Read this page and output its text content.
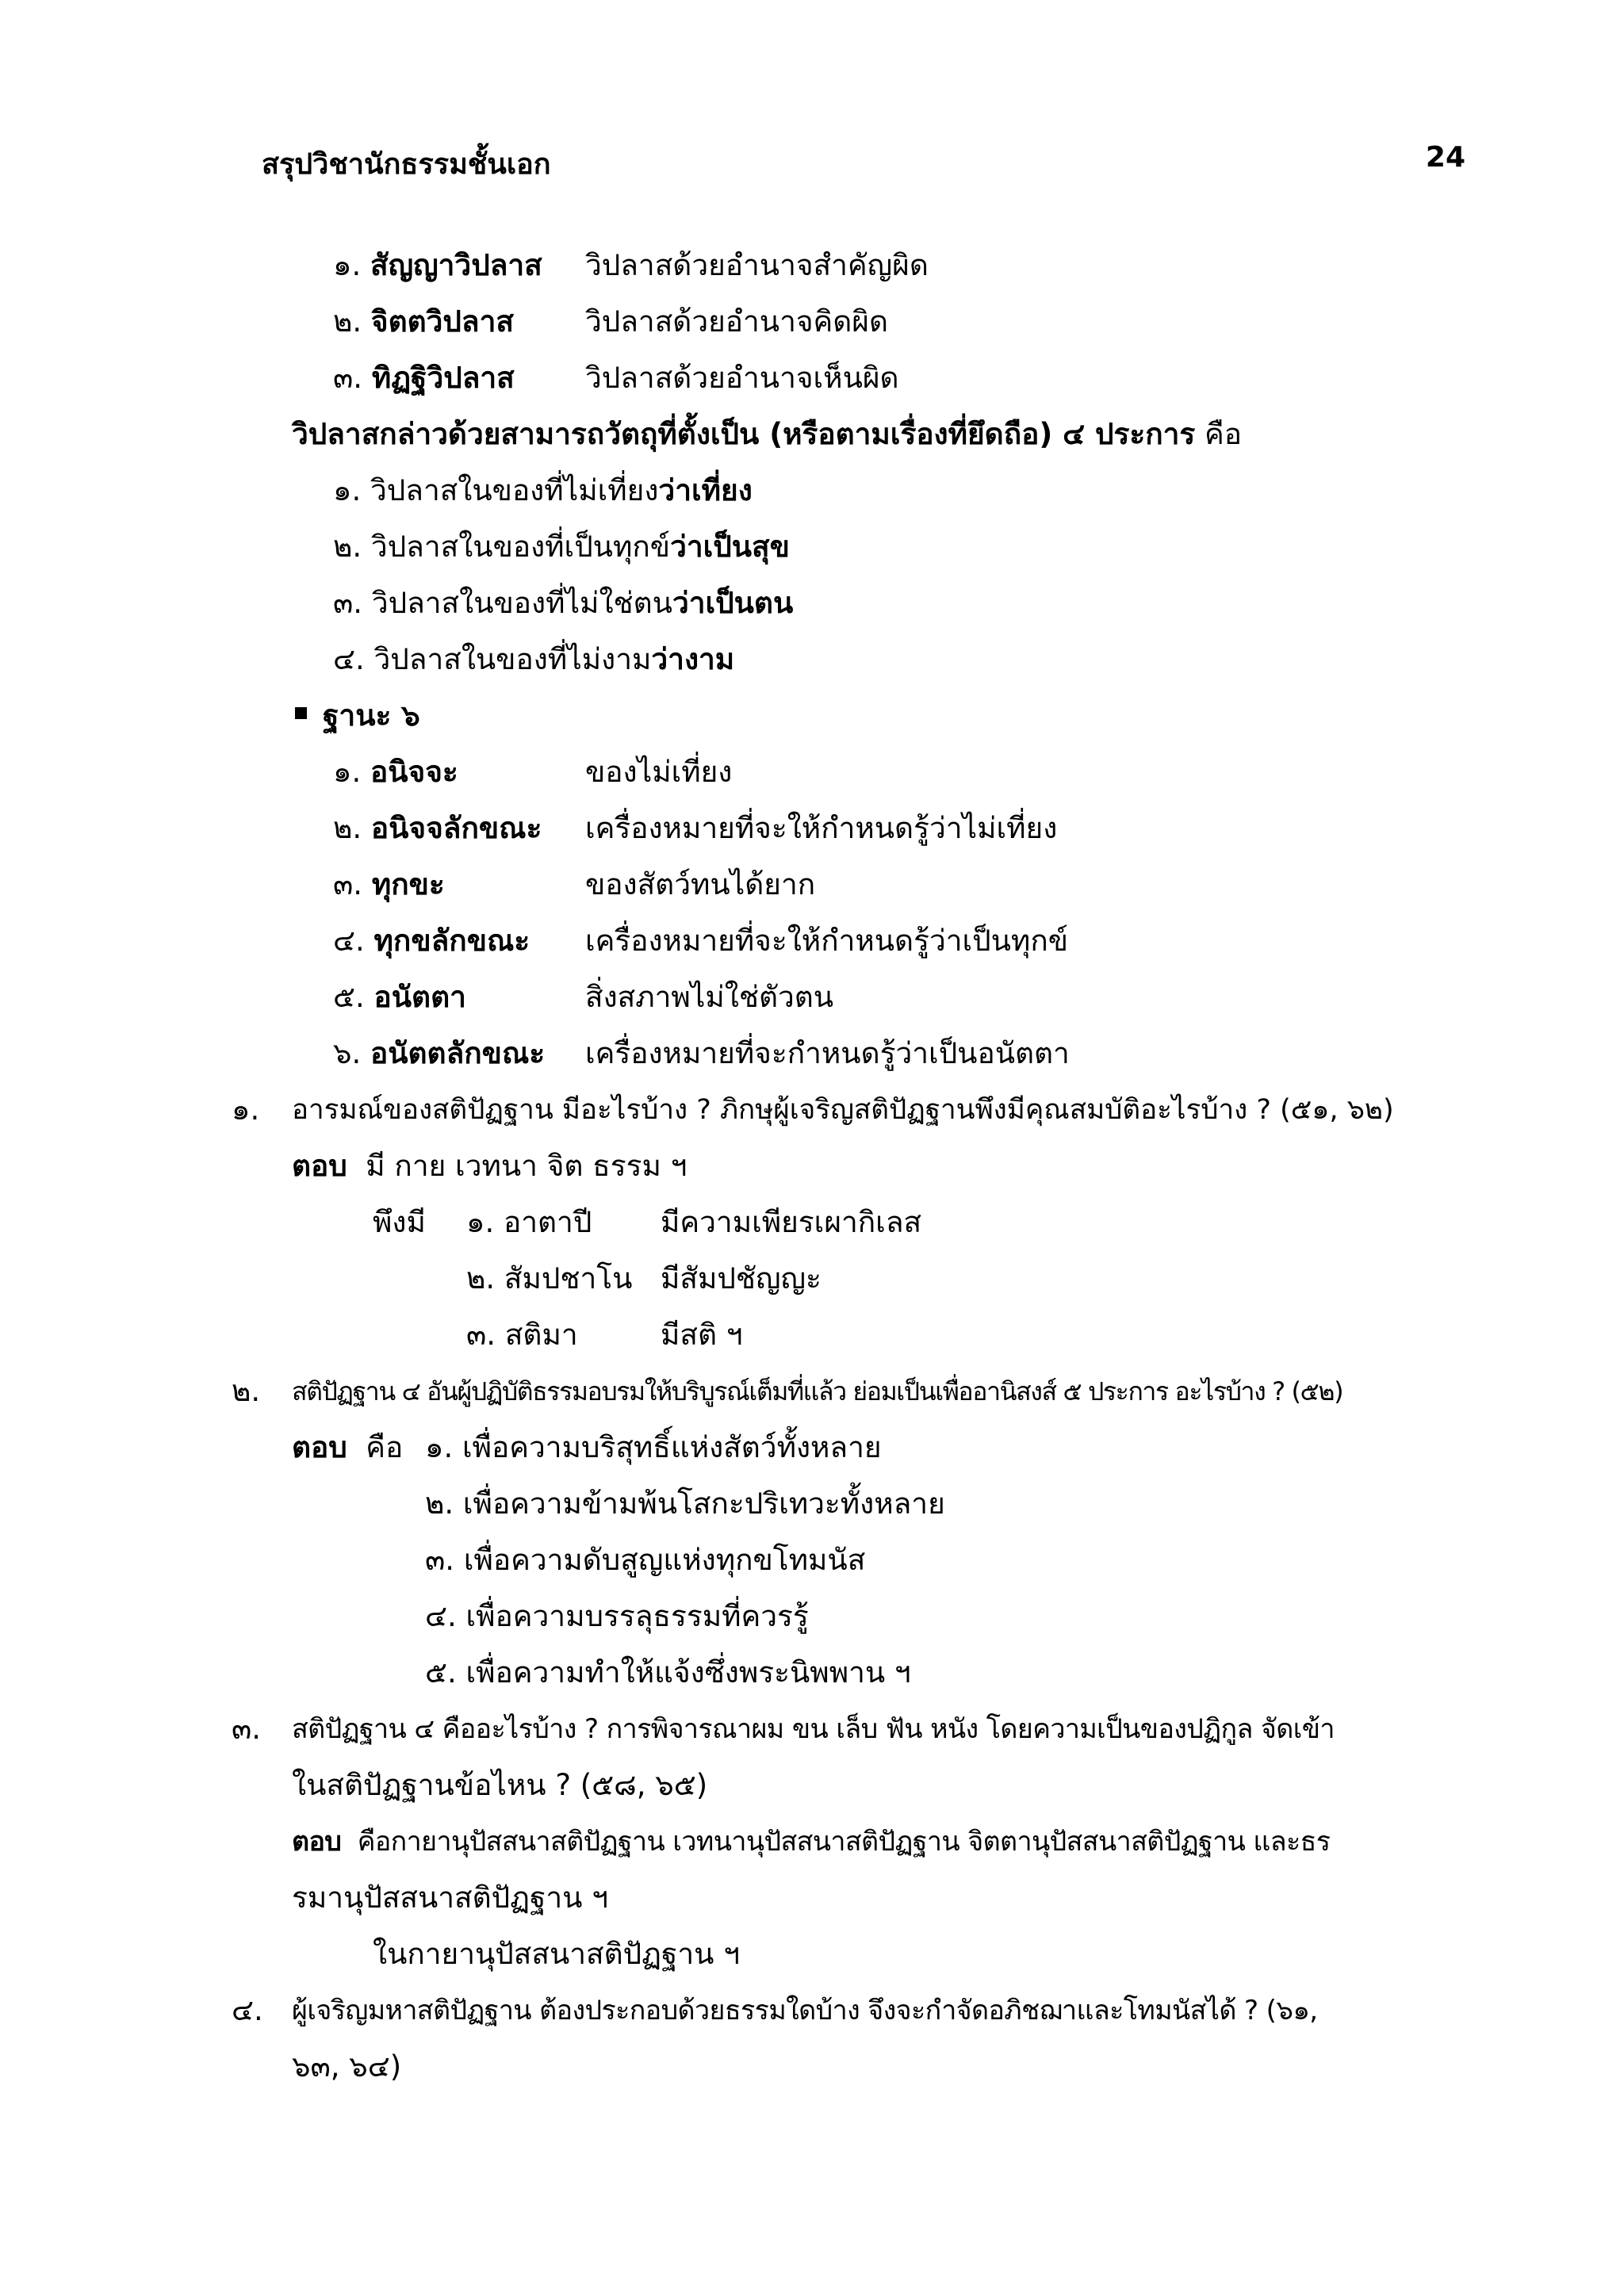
สรุปวิชานักธรรมชั้นเอก	24
๑. สัญญาวิปลาส วิปลาสด้วยอำนาจสำคัญผิด
๒. จิตตวิปลาส วิปลาสด้วยอำนาจคิดผิด
๓. ทิฏฐิวิปลาส วิปลาสด้วยอำนาจเห็นผิด
วิปลาสกล่าวด้วยสามารถวัตถุที่ตั้งเป็น (หรือตามเรื่องที่ยึดถือ) ๔ ประการ คือ
๑. วิปลาสในของที่ไม่เที่ยงว่าเที่ยง
๒. วิปลาสในของที่เป็นทุกข์ว่าเป็นสุข
๓. วิปลาสในของที่ไม่ใช่ตนว่าเป็นตน
๔. วิปลาสในของที่ไม่งามว่างาม
ฐานะ ๖
๑. อนิจจะ	ของไม่เที่ยง
๒. อนิจจลักขณะ เครื่องหมายที่จะให้กำหนดรู้ว่าไม่เที่ยง
๓. ทุกขะ	ของสัตว์ทนได้ยาก
๔. ทุกขลักขณะ เครื่องหมายที่จะให้กำหนดรู้ว่าเป็นทุกข์
๕. อนัตตา	สิ่งสภาพไม่ใช่ตัวตน
๖. อนัตตลักขณะ เครื่องหมายที่จะกำหนดรู้ว่าเป็นอนัตตา
๑. อารมณ์ของสติปัฏฐาน มีอะไรบ้าง ? ภิกษุผู้เจริญสติปัฏฐานพึงมีคุณสมบัติอะไรบ้าง ? (๕๑, ๖๒)
ตอบ มี กาย เวทนา จิต ธรรม ฯ
พึงมี ๑. อาตาปี มีความเพียรเผากิเลส
๒. สัมปชาโน มีสัมปชัญญะ
๓. สติมา	มีสติ ฯ
๒. สติปัฏฐาน ๔ อันผู้ปฏิบัติธรรมอบรมให้บริบูรณ์เต็มที่แล้ว ย่อมเป็นเพื่ออานิสงส์ ๕ ประการ อะไรบ้าง ? (๕๒)
ตอบ คือ ๑. เพื่อความบริสุทธิ์แห่งสัตว์ทั้งหลาย
๒. เพื่อความข้ามพ้นโสกะปริเทวะทั้งหลาย
๓. เพื่อความดับสูญแห่งทุกขโทมนัส
๔. เพื่อความบรรลุธรรมที่ควรรู้
๕. เพื่อความทำให้แจ้งซึ่งพระนิพพาน ฯ
๓. สติปัฏฐาน ๔ คืออะไรบ้าง ? การพิจารณาผม ขน เล็บ ฟัน หนัง โดยความเป็นของปฏิกูล จัดเข้า
ในสติปัฏฐานข้อไหน ? (๕๘, ๖๕)
ตอบ คือกายานุปัสสนาสติปัฏฐาน เวทนานุปัสสนาสติปัฏฐาน จิตตานุปัสสนาสติปัฏฐาน และธร
รมานุปัสสนาสติปัฏฐาน ฯ
ในกายานุปัสสนาสติปัฏฐาน ฯ
๔. ผู้เจริญมหาสติปัฏฐาน ต้องประกอบด้วยธรรมใดบ้าง จึงจะกำจัดอภิชฌาและโทมนัสได้ ? (๖๑,
๖๓, ๖๔)
